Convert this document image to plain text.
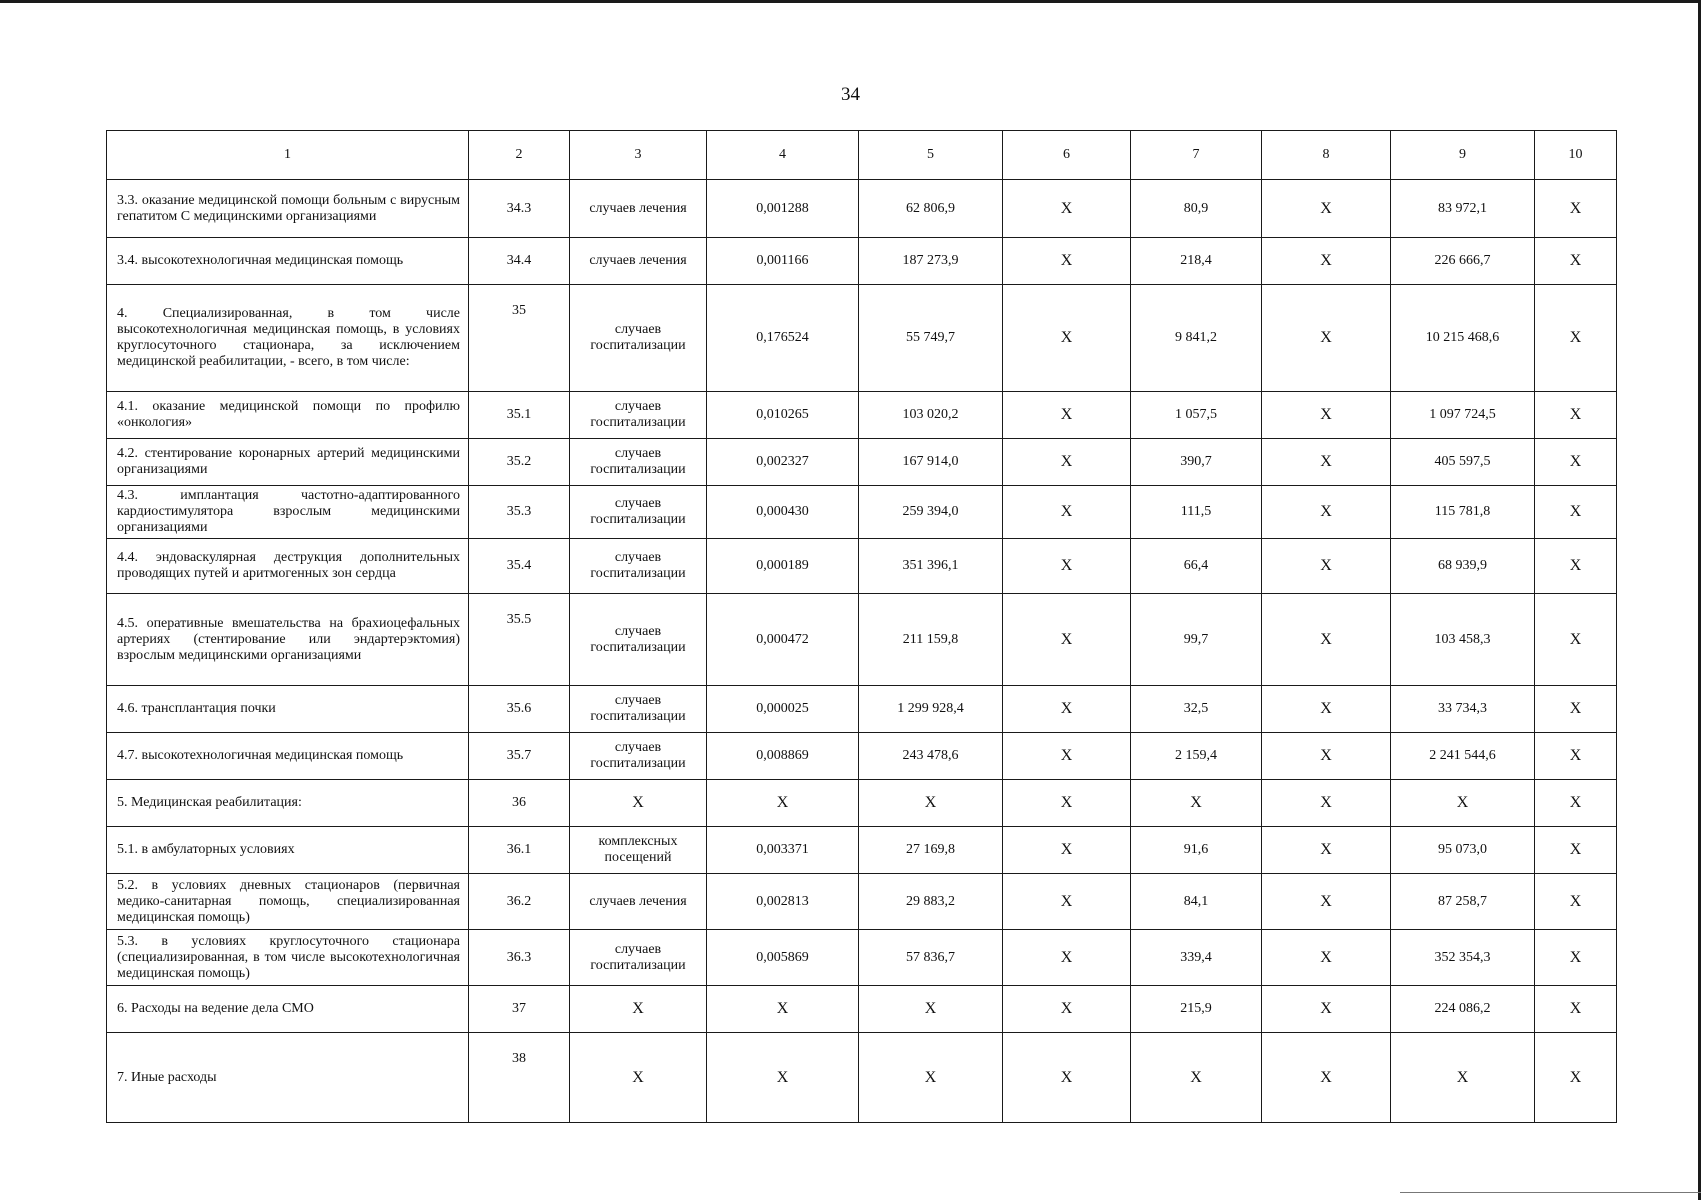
34
1	2	3	4	5	6	7	8	9	10
3.3. оказание медицинской помощи больным с вирусным гепатитом С медицинскими организациями	34.3	случаев лечения	0,001288	62 806,9	X	80,9	X	83 972,1	X
3.4. высокотехнологичная медицинская помощь	34.4	случаев лечения	0,001166	187 273,9	X	218,4	X	226 666,7	X
4. Специализированная, в том числе высокотехнологичная медицинская помощь, в условиях круглосуточного стационара, за исключением медицинской реабилитации, - всего, в том числе:	35	случаев госпитализации	0,176524	55 749,7	X	9 841,2	X	10 215 468,6	X
4.1. оказание медицинской помощи по профилю «онкология»	35.1	случаев госпитализации	0,010265	103 020,2	X	1 057,5	X	1 097 724,5	X
4.2. стентирование коронарных артерий медицинскими организациями	35.2	случаев госпитализации	0,002327	167 914,0	X	390,7	X	405 597,5	X
4.3. имплантация частотно-адаптированного кардиостимулятора взрослым медицинскими организациями	35.3	случаев госпитализации	0,000430	259 394,0	X	111,5	X	115 781,8	X
4.4. эндоваскулярная деструкция дополнительных проводящих путей и аритмогенных зон сердца	35.4	случаев госпитализации	0,000189	351 396,1	X	66,4	X	68 939,9	X
4.5. оперативные вмешательства на брахиоцефальных артериях (стентирование или эндартерэктомия) взрослым медицинскими организациями	35.5	случаев госпитализации	0,000472	211 159,8	X	99,7	X	103 458,3	X
4.6. трансплантация почки	35.6	случаев госпитализации	0,000025	1 299 928,4	X	32,5	X	33 734,3	X
4.7. высокотехнологичная медицинская помощь	35.7	случаев госпитализации	0,008869	243 478,6	X	2 159,4	X	2 241 544,6	X
5. Медицинская реабилитация:	36	X	X	X	X	X	X	X	X
5.1. в амбулаторных условиях	36.1	комплексных посещений	0,003371	27 169,8	X	91,6	X	95 073,0	X
5.2. в условиях дневных стационаров (первичная медико-санитарная помощь, специализированная медицинская помощь)	36.2	случаев лечения	0,002813	29 883,2	X	84,1	X	87 258,7	X
5.3. в условиях круглосуточного стационара (специализированная, в том числе высокотехнологичная медицинская помощь)	36.3	случаев госпитализации	0,005869	57 836,7	X	339,4	X	352 354,3	X
6. Расходы на ведение дела СМО	37	X	X	X	X	215,9	X	224 086,2	X
7. Иные расходы	38	X	X	X	X	X	X	X	X
